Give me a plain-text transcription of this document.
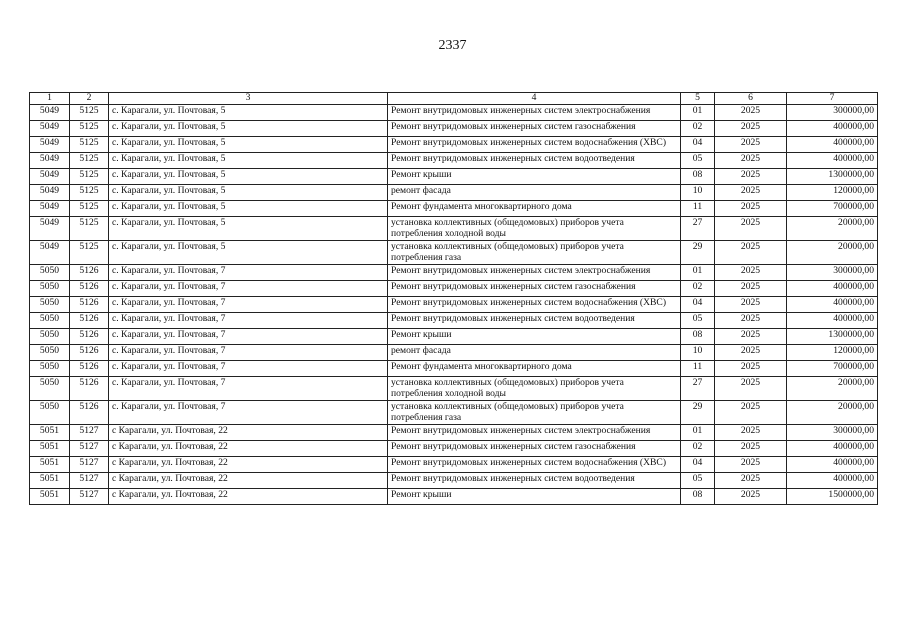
2337
1	2	3	4	5	6	7
5049	5125	с. Карагали, ул. Почтовая, 5	Ремонт внутридомовых инженерных систем электроснабжения	01	2025	300000,00
5049	5125	с. Карагали, ул. Почтовая, 5	Ремонт внутридомовых инженерных систем газоснабжения	02	2025	400000,00
5049	5125	с. Карагали, ул. Почтовая, 5	Ремонт внутридомовых инженерных систем водоснабжения (ХВС)	04	2025	400000,00
5049	5125	с. Карагали, ул. Почтовая, 5	Ремонт внутридомовых инженерных систем водоотведения	05	2025	400000,00
5049	5125	с. Карагали, ул. Почтовая, 5	Ремонт крыши	08	2025	1300000,00
5049	5125	с. Карагали, ул. Почтовая, 5	ремонт фасада	10	2025	120000,00
5049	5125	с. Карагали, ул. Почтовая, 5	Ремонт фундамента многоквартирного дома	11	2025	700000,00
5049	5125	с. Карагали, ул. Почтовая, 5	установка коллективных (общедомовых) приборов учета потребления холодной воды	27	2025	20000,00
5049	5125	с. Карагали, ул. Почтовая, 5	установка коллективных (общедомовых) приборов учета потребления газа	29	2025	20000,00
5050	5126	с. Карагали, ул. Почтовая, 7	Ремонт внутридомовых инженерных систем электроснабжения	01	2025	300000,00
5050	5126	с. Карагали, ул. Почтовая, 7	Ремонт внутридомовых инженерных систем газоснабжения	02	2025	400000,00
5050	5126	с. Карагали, ул. Почтовая, 7	Ремонт внутридомовых инженерных систем водоснабжения (ХВС)	04	2025	400000,00
5050	5126	с. Карагали, ул. Почтовая, 7	Ремонт внутридомовых инженерных систем водоотведения	05	2025	400000,00
5050	5126	с. Карагали, ул. Почтовая, 7	Ремонт крыши	08	2025	1300000,00
5050	5126	с. Карагали, ул. Почтовая, 7	ремонт фасада	10	2025	120000,00
5050	5126	с. Карагали, ул. Почтовая, 7	Ремонт фундамента многоквартирного дома	11	2025	700000,00
5050	5126	с. Карагали, ул. Почтовая, 7	установка коллективных (общедомовых) приборов учета потребления холодной воды	27	2025	20000,00
5050	5126	с. Карагали, ул. Почтовая, 7	установка коллективных (общедомовых) приборов учета потребления газа	29	2025	20000,00
5051	5127	с Карагали, ул. Почтовая, 22	Ремонт внутридомовых инженерных систем электроснабжения	01	2025	300000,00
5051	5127	с Карагали, ул. Почтовая, 22	Ремонт внутридомовых инженерных систем газоснабжения	02	2025	400000,00
5051	5127	с Карагали, ул. Почтовая, 22	Ремонт внутридомовых инженерных систем водоснабжения (ХВС)	04	2025	400000,00
5051	5127	с Карагали, ул. Почтовая, 22	Ремонт внутридомовых инженерных систем водоотведения	05	2025	400000,00
5051	5127	с Карагали, ул. Почтовая, 22	Ремонт крыши	08	2025	1500000,00
